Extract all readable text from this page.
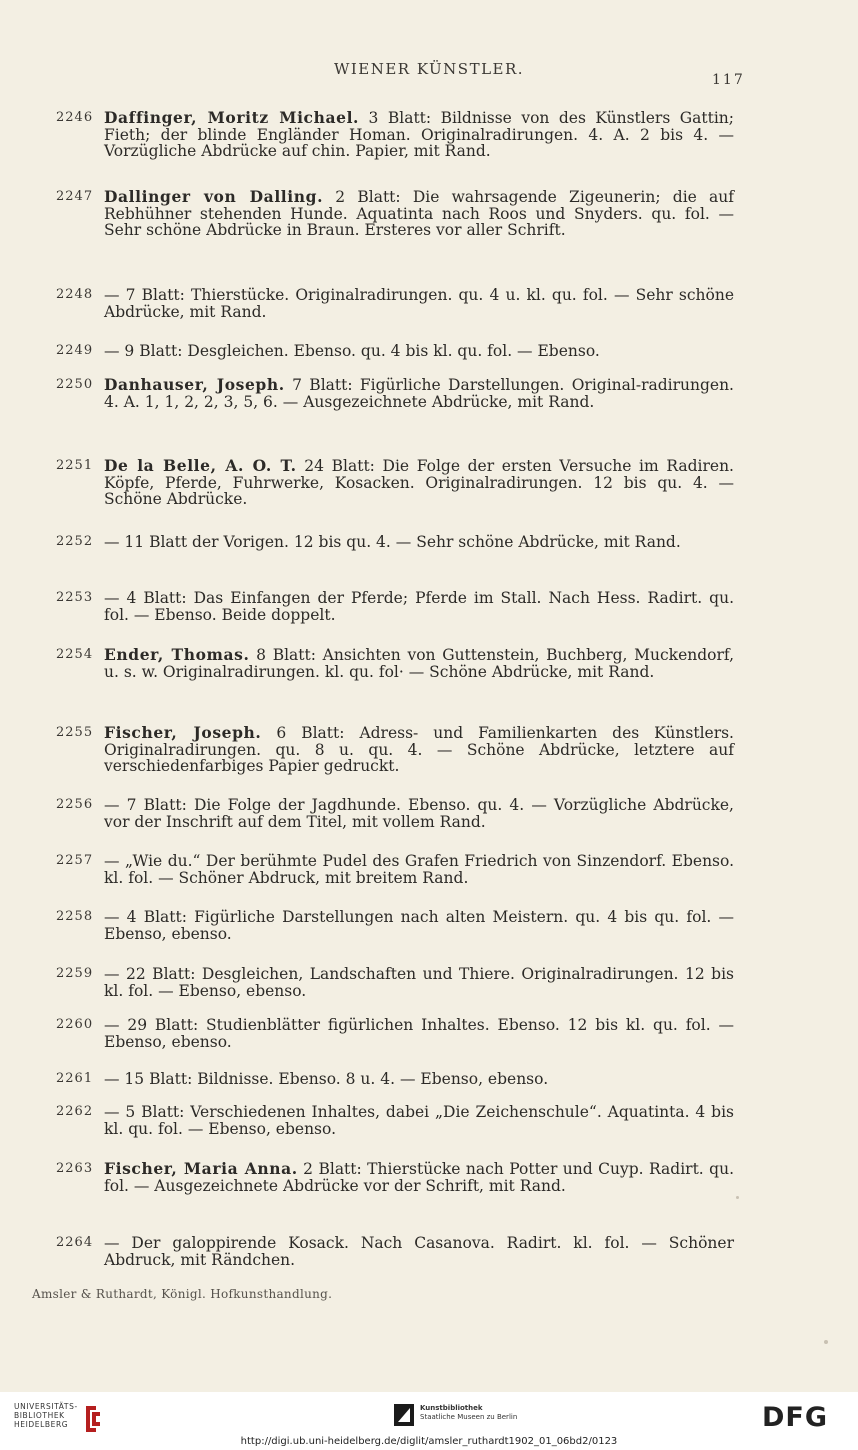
WIENER KÜNSTLER.
117
2246 Daffinger, Moritz Michael. 3 Blatt: Bildnisse von des Künstlers Gattin; Fieth; der blinde Engländer Homan. Originalradirungen. 4. A. 2 bis 4. — Vorzügliche Abdrücke auf chin. Papier, mit Rand.
2247 Dallinger von Dalling. 2 Blatt: Die wahrsagende Zigeunerin; die auf Rebhühner stehenden Hunde. Aquatinta nach Roos und Snyders. qu. fol. — Sehr schöne Abdrücke in Braun. Ersteres vor aller Schrift.
2248 — 7 Blatt: Thierstücke. Originalradirungen. qu. 4 u. kl. qu. fol. — Sehr schöne Abdrücke, mit Rand.
2249 — 9 Blatt: Desgleichen. Ebenso. qu. 4 bis kl. qu. fol. — Ebenso.
2250 Danhauser, Joseph. 7 Blatt: Figürliche Darstellungen. Original-radirungen. 4. A. 1, 1, 2, 2, 3, 5, 6. — Ausgezeichnete Abdrücke, mit Rand.
2251 De la Belle, A. O. T. 24 Blatt: Die Folge der ersten Versuche im Radiren. Köpfe, Pferde, Fuhrwerke, Kosacken. Originalradirungen. 12 bis qu. 4. — Schöne Abdrücke.
2252 — 11 Blatt der Vorigen. 12 bis qu. 4. — Sehr schöne Abdrücke, mit Rand.
2253 — 4 Blatt: Das Einfangen der Pferde; Pferde im Stall. Nach Hess. Radirt. qu. fol. — Ebenso. Beide doppelt.
2254 Ender, Thomas. 8 Blatt: Ansichten von Guttenstein, Buchberg, Muckendorf, u. s. w. Originalradirungen. kl. qu. fol· — Schöne Abdrücke, mit Rand.
2255 Fischer, Joseph. 6 Blatt: Adress- und Familienkarten des Künstlers. Originalradirungen. qu. 8 u. qu. 4. — Schöne Abdrücke, letztere auf verschiedenfarbiges Papier gedruckt.
2256 — 7 Blatt: Die Folge der Jagdhunde. Ebenso. qu. 4. — Vorzügliche Abdrücke, vor der Inschrift auf dem Titel, mit vollem Rand.
2257 — „Wie du.“ Der berühmte Pudel des Grafen Friedrich von Sinzendorf. Ebenso. kl. fol. — Schöner Abdruck, mit breitem Rand.
2258 — 4 Blatt: Figürliche Darstellungen nach alten Meistern. qu. 4 bis qu. fol. — Ebenso, ebenso.
2259 — 22 Blatt: Desgleichen, Landschaften und Thiere. Originalradirungen. 12 bis kl. fol. — Ebenso, ebenso.
2260 — 29 Blatt: Studienblätter figürlichen Inhaltes. Ebenso. 12 bis kl. qu. fol. — Ebenso, ebenso.
2261 — 15 Blatt: Bildnisse. Ebenso. 8 u. 4. — Ebenso, ebenso.
2262 — 5 Blatt: Verschiedenen Inhaltes, dabei „Die Zeichenschule“. Aquatinta. 4 bis kl. qu. fol. — Ebenso, ebenso.
2263 Fischer, Maria Anna. 2 Blatt: Thierstücke nach Potter und Cuyp. Radirt. qu. fol. — Ausgezeichnete Abdrücke vor der Schrift, mit Rand.
2264 — Der galoppirende Kosack. Nach Casanova. Radirt. kl. fol. — Schöner Abdruck, mit Rändchen.
Amsler & Ruthardt, Königl. Hofkunsthandlung.
UNIVERSITÄTS-
BIBLIOTHEK
HEIDELBERG
Kunstbibliothek
Staatliche Museen zu Berlin	DFG
http://digi.ub.uni-heidelberg.de/diglit/amsler_ruthardt1902_01_06bd2/0123
